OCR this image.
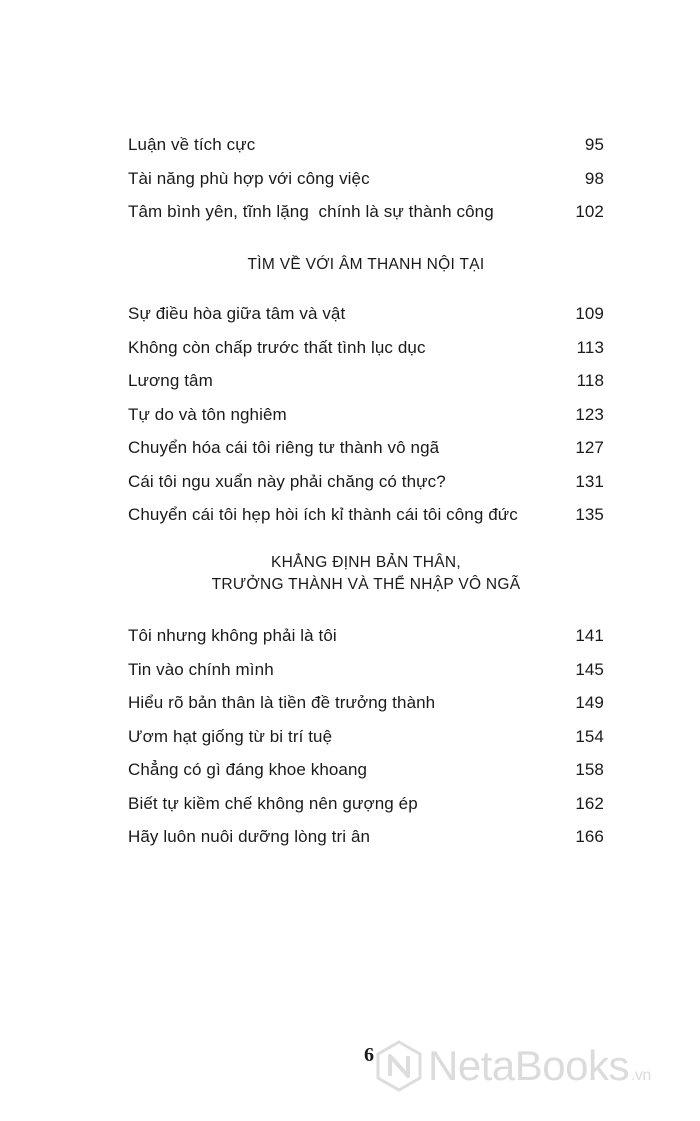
Luận về tích cực	95
Tài năng phù hợp với công việc	98
Tâm bình yên, tĩnh lặng  chính là sự thành công	102
TÌM VỀ VỚI ÂM THANH NỘI TẠI
Sự điều hòa giữa tâm và vật	109
Không còn chấp trước thất tình lục dục	113
Lương tâm	118
Tự do và tôn nghiêm	123
Chuyển hóa cái tôi riêng tư thành vô ngã	127
Cái tôi ngu xuẩn này phải chăng có thực?	131
Chuyển cái tôi hẹp hòi ích kỉ thành cái tôi công đức	135
KHẲNG ĐỊNH BẢN THÂN,
TRƯỞNG THÀNH VÀ THỂ NHẬP VÔ NGÃ
Tôi nhưng không phải là tôi	141
Tin vào chính mình	145
Hiểu rõ bản thân là tiền đề trưởng thành	149
Ươm hạt giống từ bi trí tuệ	154
Chẳng có gì đáng khoe khoang	158
Biết tự kiềm chế không nên gượng ép	162
Hãy luôn nuôi dưỡng lòng tri ân	166
6 NetaBooks .vn
